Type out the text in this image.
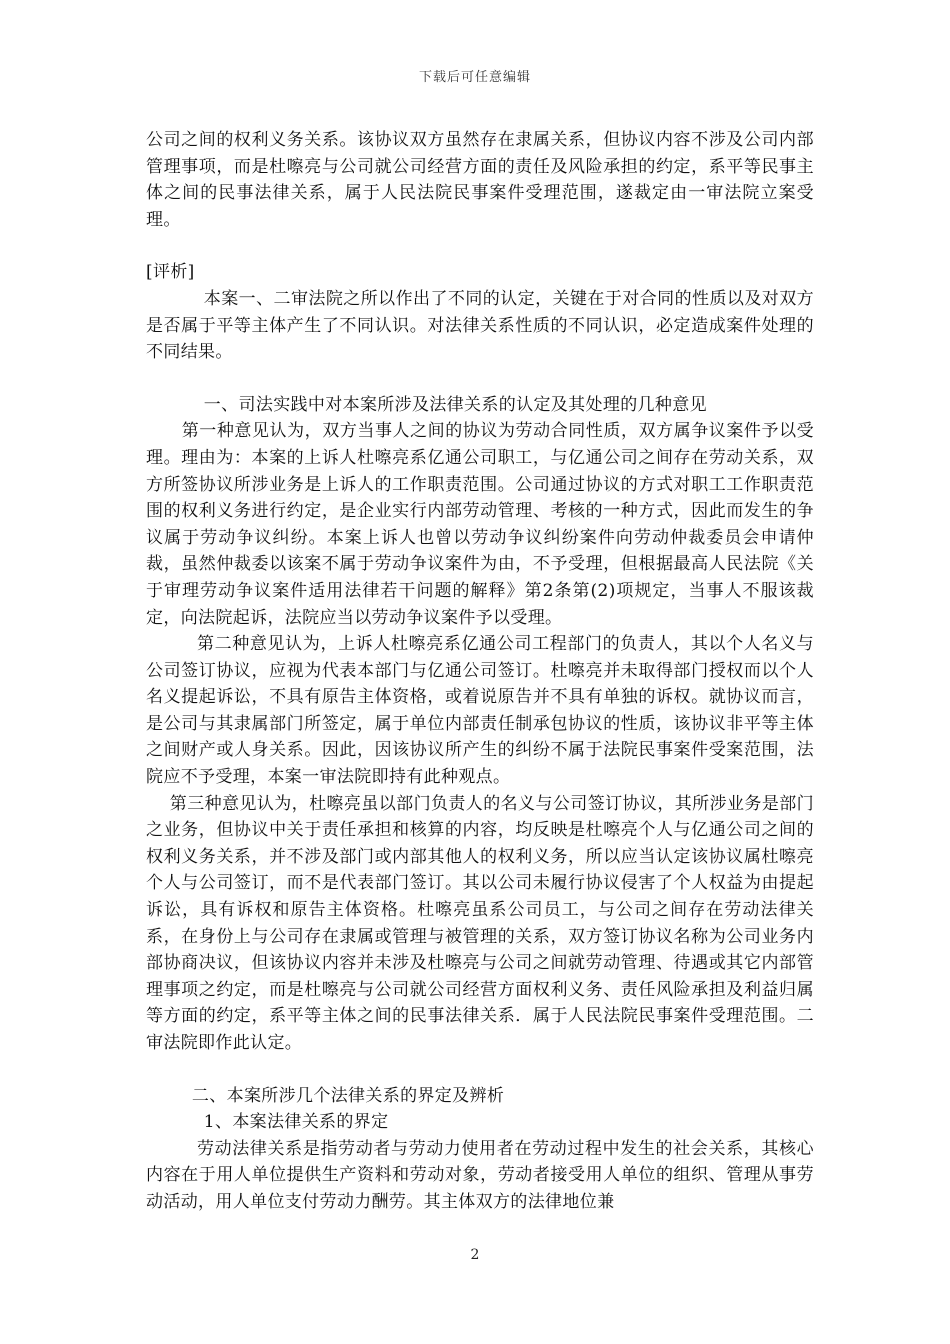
下载后可任意编辑

公司之间的权利义务关系。该协议双方虽然存在隶属关系，但协议内容不涉及公司内部管理事项，而是杜嚓亮与公司就公司经营方面的责任及风险承担的约定，系平等民事主体之间的民事法律关系，属于人民法院民事案件受理范围，遂裁定由一审法院立案受理。

[评析]

本案一、二审法院之所以作出了不同的认定，关键在于对合同的性质以及对双方是否属于平等主体产生了不同认识。对法律关系性质的不同认识，必定造成案件处理的不同结果。

一、司法实践中对本案所涉及法律关系的认定及其处理的几种意见

第一种意见认为，双方当事人之间的协议为劳动合同性质，双方属争议案件予以受理。理由为：本案的上诉人杜嚓亮系亿通公司职工，与亿通公司之间存在劳动关系，双方所签协议所涉业务是上诉人的工作职责范围。公司通过协议的方式对职工工作职责范围的权利义务进行约定，是企业实行内部劳动管理、考核的一种方式，因此而发生的争议属于劳动争议纠纷。本案上诉人也曾以劳动争议纠纷案件向劳动仲裁委员会申请仲裁，虽然仲裁委以该案不属于劳动争议案件为由，不予受理，但根据最高人民法院《关于审理劳动争议案件适用法律若干问题的解释》第2条第(2)项规定，当事人不服该裁定，向法院起诉，法院应当以劳动争议案件予以受理。

第二种意见认为，上诉人杜嚓亮系亿通公司工程部门的负责人，其以个人名义与公司签订协议，应视为代表本部门与亿通公司签订。杜嚓亮并未取得部门授权而以个人名义提起诉讼，不具有原告主体资格，或着说原告并不具有单独的诉权。就协议而言，是公司与其隶属部门所签定，属于单位内部责任制承包协议的性质，该协议非平等主体之间财产或人身关系。因此，因该协议所产生的纠纷不属于法院民事案件受案范围，法院应不予受理，本案一审法院即持有此种观点。

第三种意见认为，杜嚓亮虽以部门负责人的名义与公司签订协议，其所涉业务是部门之业务，但协议中关于责任承担和核算的内容，均反映是杜嚓亮个人与亿通公司之间的权利义务关系，并不涉及部门或内部其他人的权利义务，所以应当认定该协议属杜嚓亮个人与公司签订，而不是代表部门签订。其以公司未履行协议侵害了个人权益为由提起诉讼，具有诉权和原告主体资格。杜嚓亮虽系公司员工，与公司之间存在劳动法律关系，在身份上与公司存在隶属或管理与被管理的关系，双方签订协议名称为公司业务内部协商决议，但该协议内容并未涉及杜嚓亮与公司之间就劳动管理、待遇或其它内部管理事项之约定，而是杜嚓亮与公司就公司经营方面权利义务、责任风险承担及利益归属等方面的约定，系平等主体之间的民事法律关系．属于人民法院民事案件受理范围。二审法院即作此认定。

二、本案所涉几个法律关系的界定及辨析

1、本案法律关系的界定

劳动法律关系是指劳动者与劳动力使用者在劳动过程中发生的社会关系，其核心内容在于用人单位提供生产资料和劳动对象，劳动者接受用人单位的组织、管理从事劳动活动，用人单位支付劳动力酬劳。其主体双方的法律地位兼

2
